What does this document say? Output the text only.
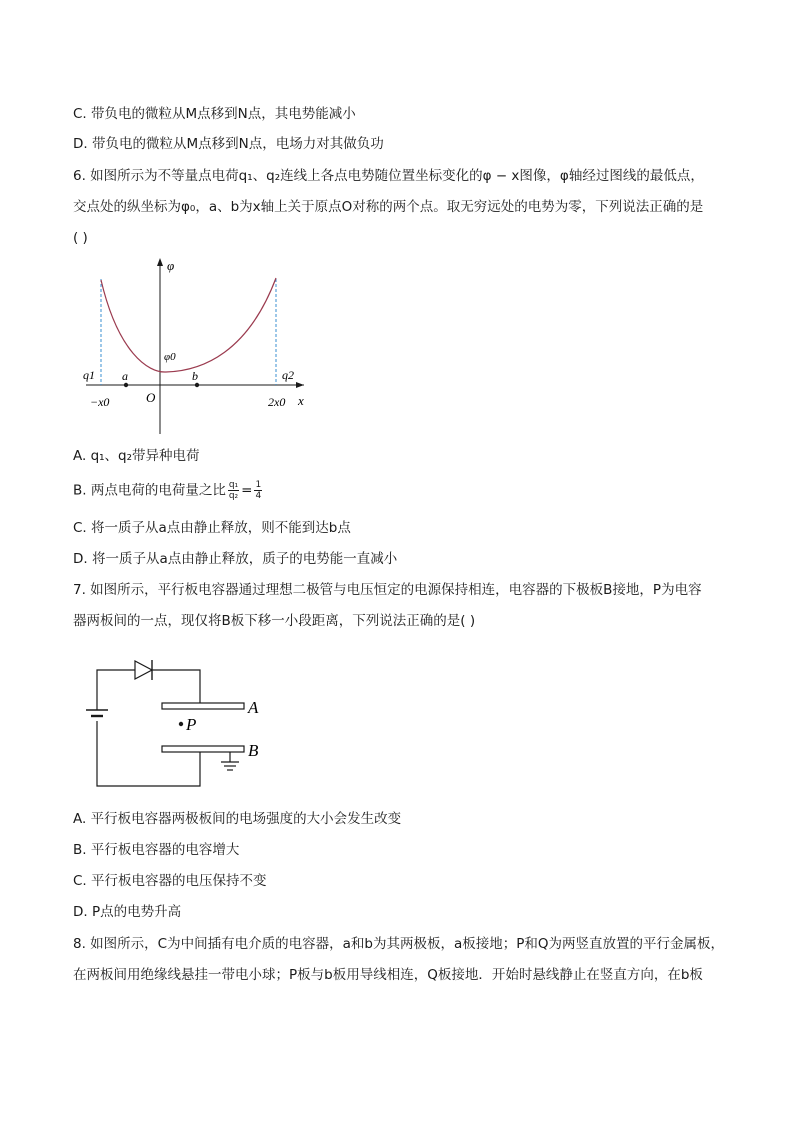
C. 带负电的微粒从M点移到N点，其电势能减小
D. 带负电的微粒从M点移到N点，电场力对其做负功
6. 如图所示为不等量点电荷q₁、q₂连线上各点电势随位置坐标变化的φ − x图像，φ轴经过图线的最低点，
交点处的纵坐标为φ₀，a、b为x轴上关于原点O对称的两个点。取无穷远处的电势为零，下列说法正确的是
( )
φ
x
O
φ0
q1	q2
a	b
−x0	2x0
A. q₁、q₂带异种电荷
B. 两点电荷的电荷量之比 $\frac{\text{q₁}}{\text{q₂}} = \frac{1}{4}$
C. 将一质子从a点由静止释放，则不能到达b点
D. 将一质子从a点由静止释放，质子的电势能一直减小
7. 如图所示，平行板电容器通过理想二极管与电压恒定的电源保持相连，电容器的下极板B接地，P为电容
器两板间的一点，现仅将B板下移一小段距离，下列说法正确的是( )
A
P
B
A. 平行板电容器两极板间的电场强度的大小会发生改变
B. 平行板电容器的电容增大
C. 平行板电容器的电压保持不变
D. P点的电势升高
8. 如图所示，C为中间插有电介质的电容器，a和b为其两极板，a板接地；P和Q为两竖直放置的平行金属板，
在两板间用绝缘线悬挂一带电小球；P板与b板用导线相连，Q板接地．开始时悬线静止在竖直方向，在b板
